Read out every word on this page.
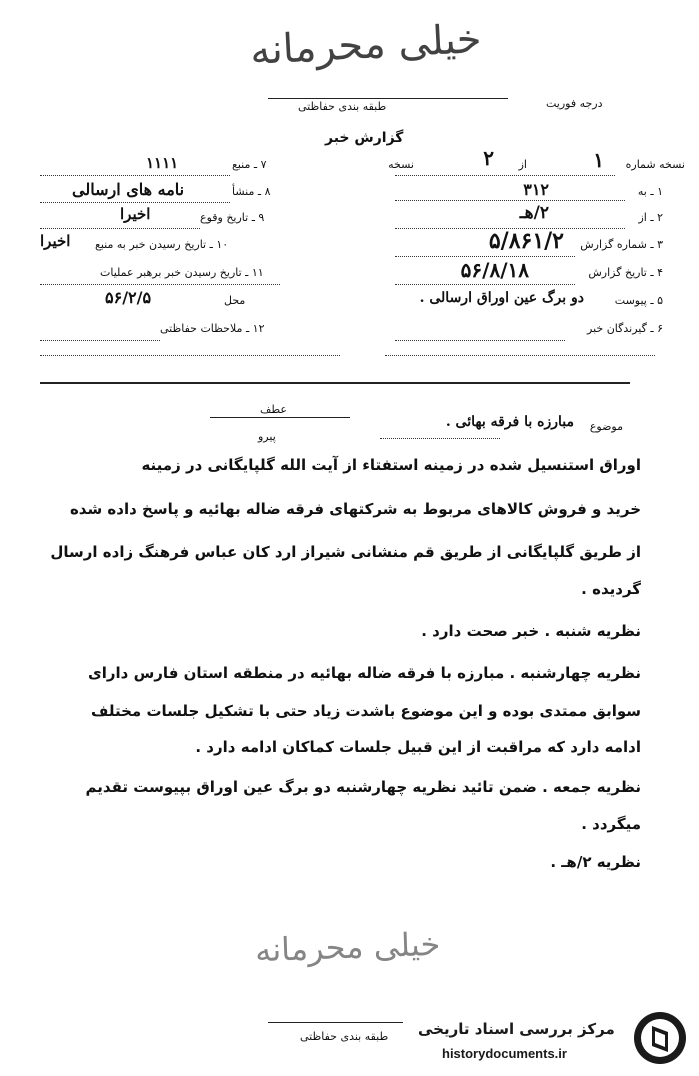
خیلی محرمانه
طبقه بندی حفاظتی	درجه فوریت
گزارش خبر
نسخه شماره
۱
از
۲
نسخه
۱ ـ به
۳۱۲
۲ ـ از
۲/هـ
۳ ـ شماره گزارش
۵/۸۶۱/۲
۴ ـ تاریخ گزارش
۵۶/۸/۱۸
۵ ـ پیوست
دو برگ عین اوراق ارسالی .
۶ ـ گیرندگان خبر
۷ ـ منبع
۱۱۱۱
۸ ـ منشأ
نامه های ارسالی
۹ ـ تاریخ وقوع
اخیرا
۱۰ ـ تاریخ رسیدن خبر به منبع
اخیرا
۱۱ ـ تاریخ رسیدن خبر برهبر عملیات
محل
۵۶/۲/۵
۱۲ ـ ملاحظات حفاظتی
عطف
پیرو
موضوع
مبارزه با فرقه بهائی .
اوراق استنسیل شده در زمینه استفتاء از آیت الله گلپایگانی در زمینه
خرید و فروش کالاهای مربوط به شرکتهای فرقه ضاله بهائیه و پاسخ داده شده
از طریق گلپایگانی از طریق قم منشانی شیراز ارد کان عباس فرهنگ زاده ارسال
گردیده .
نظریه شنبه . خبر صحت دارد .
نظریه چهارشنبه . مبارزه با فرقه ضاله بهائیه در منطقه استان فارس دارای
سوابق ممتدی بوده و این موضوع باشدت زیاد حتی با تشکیل جلسات مختلف
ادامه دارد که مراقبت از این قبیل جلسات کماکان ادامه دارد .
نظریه جمعه . ضمن تائید نظریه چهارشنبه دو برگ عین اوراق بپیوست تقدیم
میگردد .
نظریه ۲/هـ .
خیلی محرمانه
طبقه بندی حفاظتی مرکز بررسی اسناد تاریخی
historydocuments.ir
